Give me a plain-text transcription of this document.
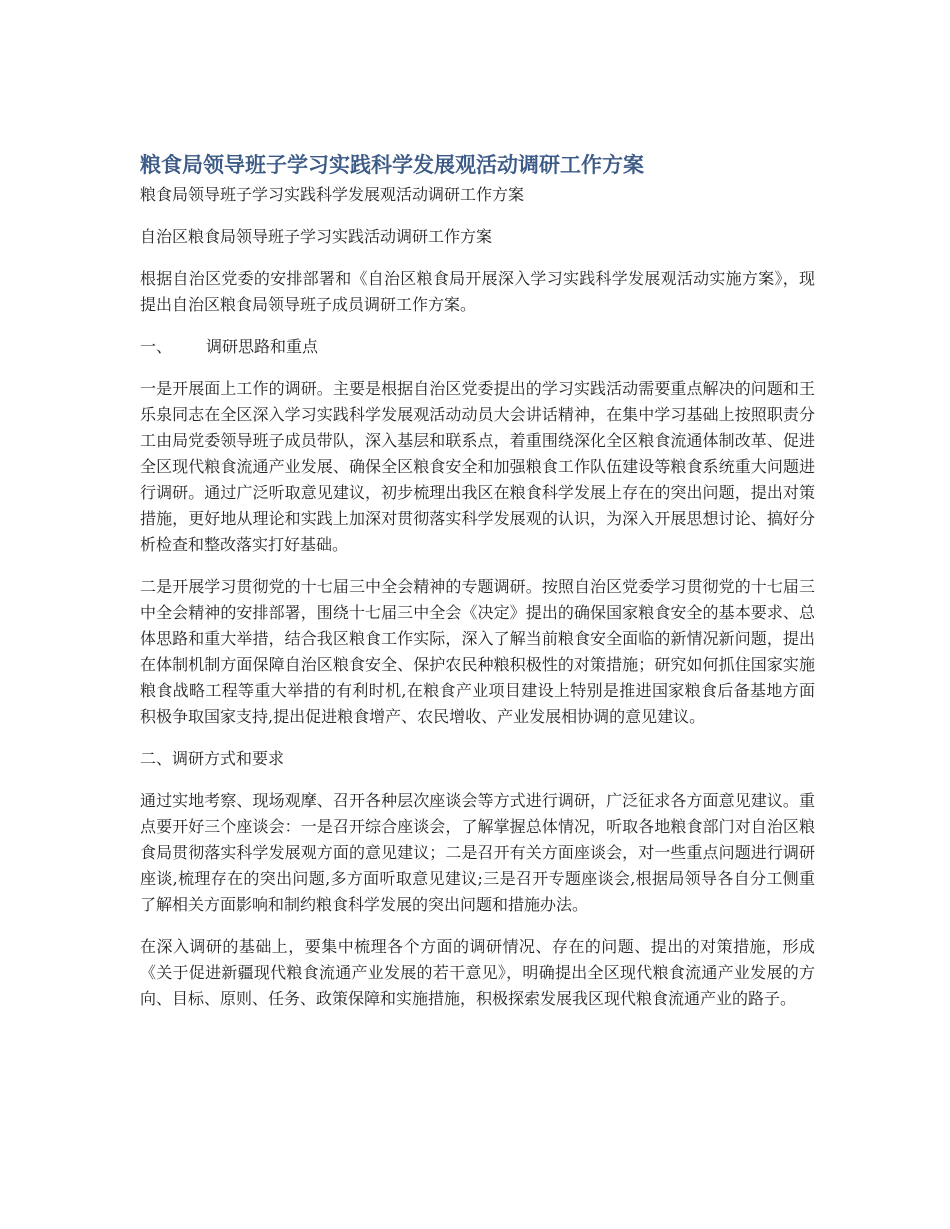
粮食局领导班子学习实践科学发展观活动调研工作方案

粮食局领导班子学习实践科学发展观活动调研工作方案

自治区粮食局领导班子学习实践活动调研工作方案

根据自治区党委的安排部署和《自治区粮食局开展深入学习实践科学发展观活动实施方案》，现提出自治区粮食局领导班子成员调研工作方案。

一、 调研思路和重点

一是开展面上工作的调研。主要是根据自治区党委提出的学习实践活动需要重点解决的问题和王乐泉同志在全区深入学习实践科学发展观活动动员大会讲话精神，在集中学习基础上按照职责分工由局党委领导班子成员带队，深入基层和联系点，着重围绕深化全区粮食流通体制改革、促进全区现代粮食流通产业发展、确保全区粮食安全和加强粮食工作队伍建设等粮食系统重大问题进行调研。通过广泛听取意见建议，初步梳理出我区在粮食科学发展上存在的突出问题，提出对策措施，更好地从理论和实践上加深对贯彻落实科学发展观的认识，为深入开展思想讨论、搞好分析检查和整改落实打好基础。

二是开展学习贯彻党的十七届三中全会精神的专题调研。按照自治区党委学习贯彻党的十七届三中全会精神的安排部署，围绕十七届三中全会《决定》提出的确保国家粮食安全的基本要求、总体思路和重大举措，结合我区粮食工作实际，深入了解当前粮食安全面临的新情况新问题，提出在体制机制方面保障自治区粮食安全、保护农民种粮积极性的对策措施；研究如何抓住国家实施粮食战略工程等重大举措的有利时机,在粮食产业项目建设上特别是推进国家粮食后备基地方面积极争取国家支持,提出促进粮食增产、农民增收、产业发展相协调的意见建议。

二、调研方式和要求

通过实地考察、现场观摩、召开各种层次座谈会等方式进行调研，广泛征求各方面意见建议。重点要开好三个座谈会：一是召开综合座谈会，了解掌握总体情况，听取各地粮食部门对自治区粮食局贯彻落实科学发展观方面的意见建议；二是召开有关方面座谈会，对一些重点问题进行调研座谈,梳理存在的突出问题,多方面听取意见建议;三是召开专题座谈会,根据局领导各自分工侧重了解相关方面影响和制约粮食科学发展的突出问题和措施办法。

在深入调研的基础上，要集中梳理各个方面的调研情况、存在的问题、提出的对策措施，形成《关于促进新疆现代粮食流通产业发展的若干意见》，明确提出全区现代粮食流通产业发展的方向、目标、原则、任务、政策保障和实施措施，积极探索发展我区现代粮食流通产业的路子。
